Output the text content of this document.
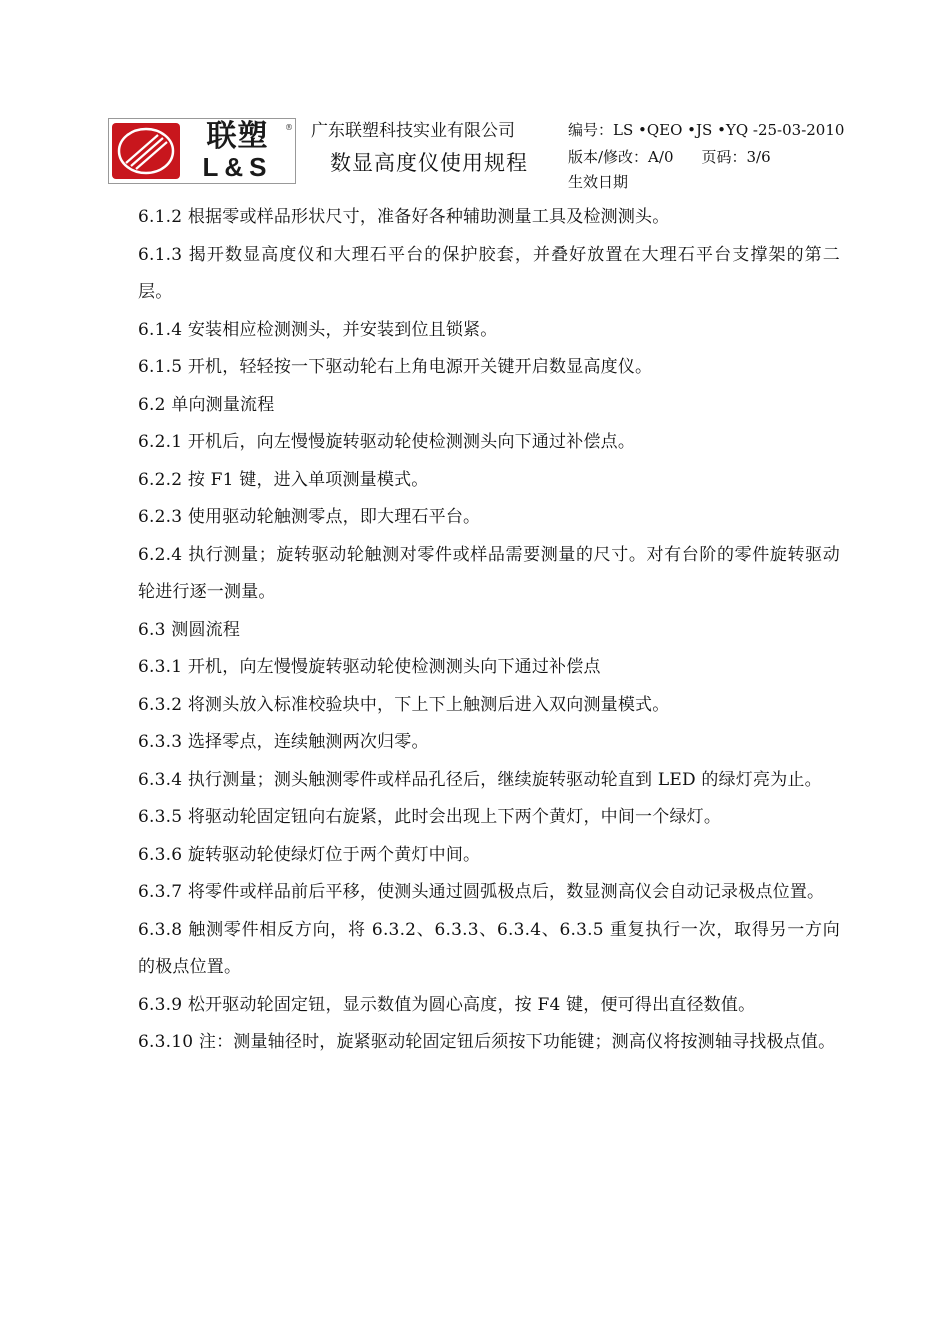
联塑
L&S
® 广东联塑科技实业有限公司
数显高度仪使用规程
编号：LS •QEO •JS •YQ -25-03-2010
版本/修改：A/0 页码：3/6
生效日期

6.1.2 根据零或样品形状尺寸，准备好各种辅助测量工具及检测测头。

6.1.3 揭开数显高度仪和大理石平台的保护胶套，并叠好放置在大理石平台支撑架的第二层。

6.1.4 安装相应检测测头，并安装到位且锁紧。

6.1.5 开机，轻轻按一下驱动轮右上角电源开关键开启数显高度仪。

6.2 单向测量流程

6.2.1 开机后，向左慢慢旋转驱动轮使检测测头向下通过补偿点。

6.2.2 按 F1 键，进入单项测量模式。

6.2.3 使用驱动轮触测零点，即大理石平台。

6.2.4 执行测量；旋转驱动轮触测对零件或样品需要测量的尺寸。对有台阶的零件旋转驱动轮进行逐一测量。

6.3 测圆流程

6.3.1 开机，向左慢慢旋转驱动轮使检测测头向下通过补偿点

6.3.2 将测头放入标准校验块中，下上下上触测后进入双向测量模式。

6.3.3 选择零点，连续触测两次归零。

6.3.4 执行测量；测头触测零件或样品孔径后，继续旋转驱动轮直到 LED 的绿灯亮为止。

6.3.5 将驱动轮固定钮向右旋紧，此时会出现上下两个黄灯，中间一个绿灯。

6.3.6 旋转驱动轮使绿灯位于两个黄灯中间。

6.3.7 将零件或样品前后平移，使测头通过圆弧极点后，数显测高仪会自动记录极点位置。

6.3.8 触测零件相反方向，将 6.3.2、6.3.3、6.3.4、6.3.5 重复执行一次，取得另一方向的极点位置。

6.3.9 松开驱动轮固定钮，显示数值为圆心高度，按 F4 键，便可得出直径数值。

6.3.10 注：测量轴径时，旋紧驱动轮固定钮后须按下功能键；测高仪将按测轴寻找极点值。
